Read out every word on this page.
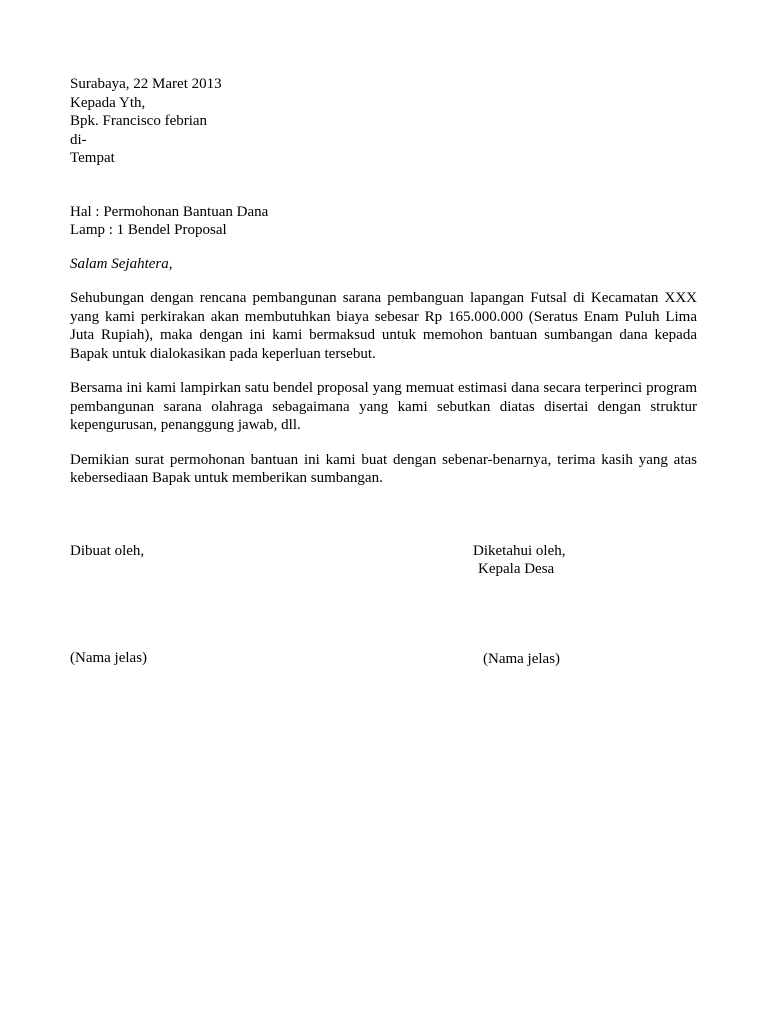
Surabaya, 22 Maret 2013
Kepada Yth,
Bpk. Francisco febrian
di-
Tempat
Hal : Permohonan Bantuan Dana
Lamp : 1 Bendel Proposal
Salam Sejahtera,
Sehubungan dengan rencana pembangunan sarana pembanguan lapangan Futsal di Kecamatan XXX yang kami perkirakan akan membutuhkan biaya sebesar Rp 165.000.000 (Seratus Enam Puluh Lima Juta Rupiah), maka dengan ini kami bermaksud untuk memohon bantuan sumbangan dana kepada Bapak untuk dialokasikan pada keperluan tersebut.
Bersama ini kami lampirkan satu bendel proposal yang memuat estimasi dana secara terperinci program pembangunan sarana olahraga sebagaimana yang kami sebutkan diatas disertai dengan struktur kepengurusan, penanggung jawab, dll.
Demikian surat permohonan bantuan ini kami buat dengan sebenar-benarnya, terima kasih yang atas kebersediaan Bapak untuk memberikan sumbangan.
Dibuat oleh,
(Nama jelas)
Diketahui oleh,
Kepala Desa
(Nama jelas)
